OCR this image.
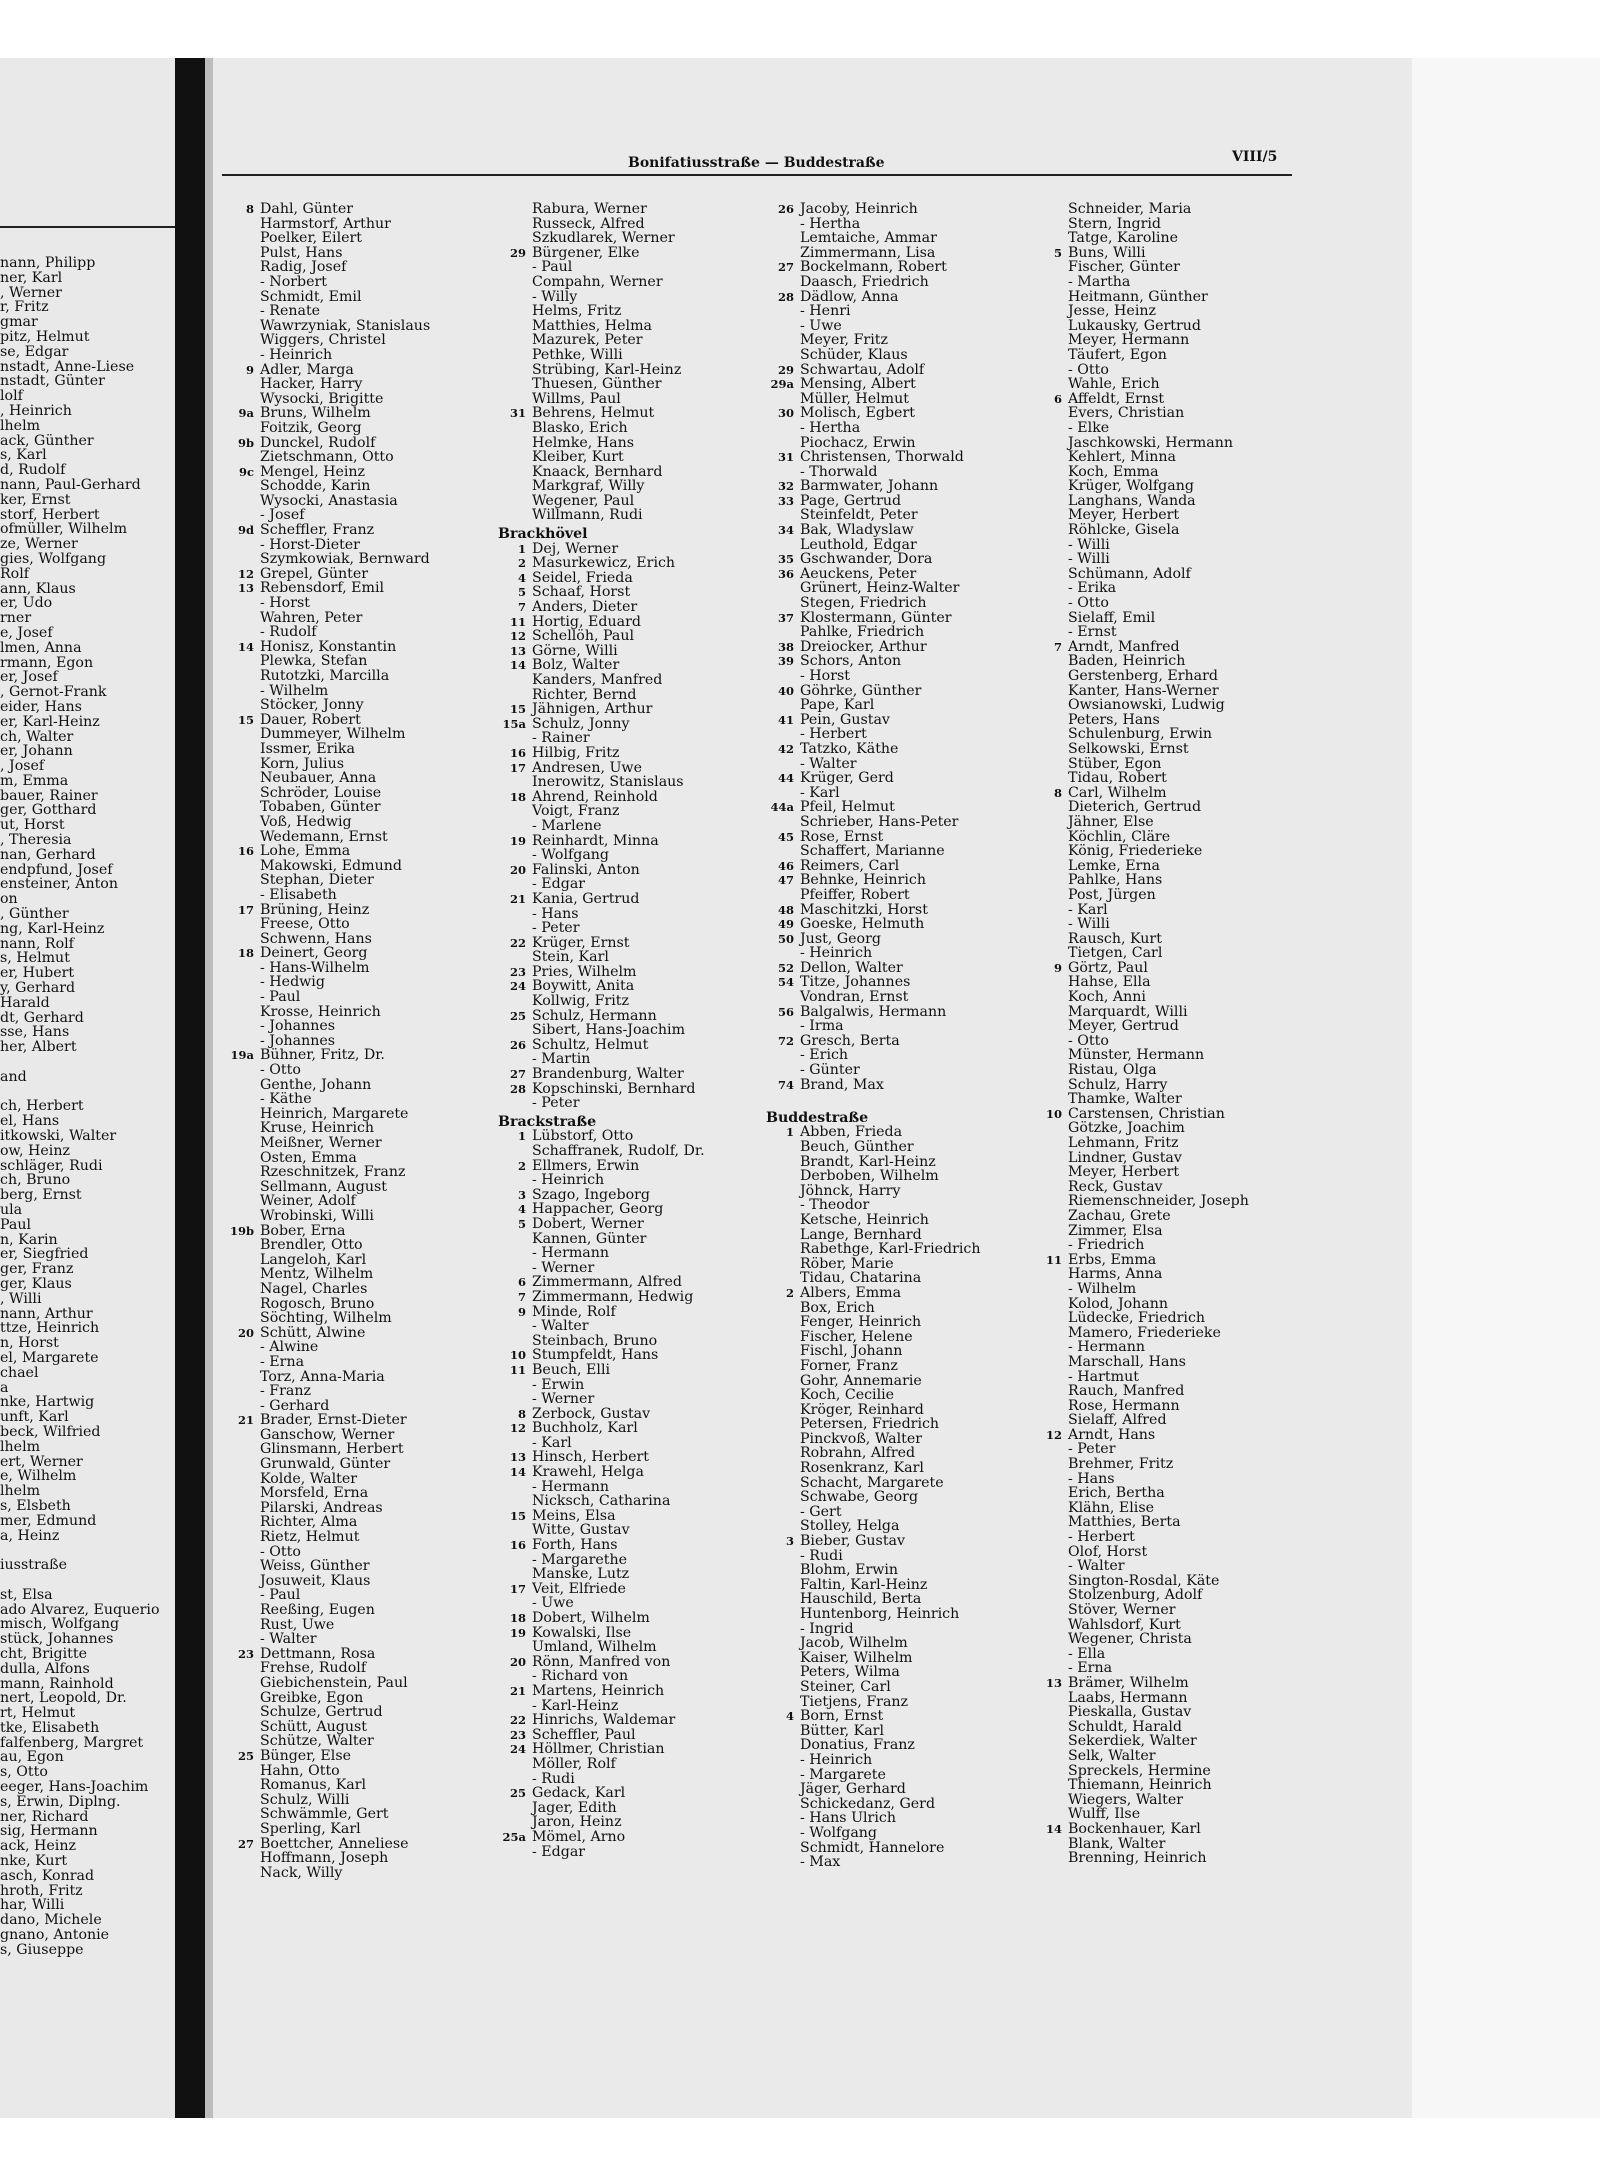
nann, Philipp
ner, Karl
, Werner
r, Fritz
gmar
pitz, Helmut
se, Edgar
nstadt, Anne-Liese
nstadt, Günter
lolf
, Heinrich
lhelm
ack, Günther
s, Karl
d, Rudolf
nann, Paul-Gerhard
ker, Ernst
storf, Herbert
ofmüller, Wilhelm
ze, Werner
gies, Wolfgang
Rolf
ann, Klaus
er, Udo
rner
e, Josef
lmen, Anna
rmann, Egon
er, Josef
, Gernot-Frank
eider, Hans
er, Karl-Heinz
ch, Walter
er, Johann
, Josef
m, Emma
bauer, Rainer
ger, Gotthard
ut, Horst
, Theresia
nan, Gerhard
endpfund, Josef
ensteiner, Anton
on
, Günther
ng, Karl-Heinz
nann, Rolf
s, Helmut
er, Hubert
y, Gerhard
Harald
dt, Gerhard
sse, Hans
her, Albert
and
ch, Herbert
el, Hans
itkowski, Walter
ow, Heinz
schläger, Rudi
ch, Bruno
berg, Ernst
ula
Paul
n, Karin
er, Siegfried
ger, Franz
ger, Klaus
, Willi
nann, Arthur
ttze, Heinrich
n, Horst
el, Margarete
chael
a
nke, Hartwig
unft, Karl
beck, Wilfried
lhelm
ert, Werner
e, Wilhelm
lhelm
s, Elsbeth
mer, Edmund
a, Heinz
iusstraße
st, Elsa
ado Alvarez, Euquerio
misch, Wolfgang
stück, Johannes
cht, Brigitte
dulla, Alfons
mann, Rainhold
nert, Leopold, Dr.
rt, Helmut
tke, Elisabeth
falfenberg, Margret
au, Egon
s, Otto
eeger, Hans-Joachim
s, Erwin, Diplng.
ner, Richard
sig, Hermann
ack, Heinz
nke, Kurt
asch, Konrad
hroth, Fritz
har, Willi
dano, Michele
gnano, Antonie
s, Giuseppe
Bonifatiusstraße — Buddestraße	VIII/5
8 Dahl, Günter
Harmstorf, Arthur
Poelker, Eilert
Pulst, Hans
Radig, Josef
- Norbert
Schmidt, Emil
- Renate
Wawrzyniak, Stanislaus
Wiggers, Christel
- Heinrich
9 Adler, Marga
Hacker, Harry
Wysocki, Brigitte
9a Bruns, Wilhelm
Foitzik, Georg
9b Dunckel, Rudolf
Zietschmann, Otto
9c Mengel, Heinz
Schodde, Karin
Wysocki, Anastasia
- Josef
9d Scheffler, Franz
- Horst-Dieter
Szymkowiak, Bernward
12 Grepel, Günter
13 Rebensdorf, Emil
- Horst
Wahren, Peter
- Rudolf
14 Honisz, Konstantin
Plewka, Stefan
Rutotzki, Marcilla
- Wilhelm
Stöcker, Jonny
15 Dauer, Robert
Dummeyer, Wilhelm
Issmer, Erika
Korn, Julius
Neubauer, Anna
Schröder, Louise
Tobaben, Günter
Voß, Hedwig
Wedemann, Ernst
16 Lohe, Emma
Makowski, Edmund
Stephan, Dieter
- Elisabeth
17 Brüning, Heinz
Freese, Otto
Schwenn, Hans
18 Deinert, Georg
- Hans-Wilhelm
- Hedwig
- Paul
Krosse, Heinrich
- Johannes
- Johannes
19a Bühner, Fritz, Dr.
- Otto
Genthe, Johann
- Käthe
Heinrich, Margarete
Kruse, Heinrich
Meißner, Werner
Osten, Emma
Rzeschnitzek, Franz
Sellmann, August
Weiner, Adolf
Wrobinski, Willi
19b Bober, Erna
Brendler, Otto
Langeloh, Karl
Mentz, Wilhelm
Nagel, Charles
Rogosch, Bruno
Söchting, Wilhelm
20 Schütt, Alwine
- Alwine
- Erna
Torz, Anna-Maria
- Franz
- Gerhard
21 Brader, Ernst-Dieter
Ganschow, Werner
Glinsmann, Herbert
Grunwald, Günter
Kolde, Walter
Morsfeld, Erna
Pilarski, Andreas
Richter, Alma
Rietz, Helmut
- Otto
Weiss, Günther
Josuweit, Klaus
- Paul
Reeßing, Eugen
Rust, Uwe
- Walter
23 Dettmann, Rosa
Frehse, Rudolf
Giebichenstein, Paul
Greibke, Egon
Schulze, Gertrud
Schütt, August
Schütze, Walter
25 Bünger, Else
Hahn, Otto
Romanus, Karl
Schulz, Willi
Schwämmle, Gert
Sperling, Karl
27 Boettcher, Anneliese
Hoffmann, Joseph
Nack, Willy
Rabura, Werner
Russeck, Alfred
Szkudlarek, Werner
29 Bürgener, Elke
- Paul
Compahn, Werner
- Willy
Helms, Fritz
Matthies, Helma
Mazurek, Peter
Pethke, Willi
Strübing, Karl-Heinz
Thuesen, Günther
Willms, Paul
31 Behrens, Helmut
Blasko, Erich
Helmke, Hans
Kleiber, Kurt
Knaack, Bernhard
Markgraf, Willy
Wegener, Paul
Willmann, Rudi
Brackhövel
1 Dej, Werner
2 Masurkewicz, Erich
4 Seidel, Frieda
5 Schaaf, Horst
7 Anders, Dieter
11 Hortig, Eduard
12 Schellöh, Paul
13 Görne, Willi
14 Bolz, Walter
Kanders, Manfred
Richter, Bernd
15 Jähnigen, Arthur
15a Schulz, Jonny
- Rainer
16 Hilbig, Fritz
17 Andresen, Uwe
Inerowitz, Stanislaus
18 Ahrend, Reinhold
Voigt, Franz
- Marlene
19 Reinhardt, Minna
- Wolfgang
20 Falinski, Anton
- Edgar
21 Kania, Gertrud
- Hans
- Peter
22 Krüger, Ernst
Stein, Karl
23 Pries, Wilhelm
24 Boywitt, Anita
Kollwig, Fritz
25 Schulz, Hermann
Sibert, Hans-Joachim
26 Schultz, Helmut
- Martin
27 Brandenburg, Walter
28 Kopschinski, Bernhard
- Peter
Brackstraße
1 Lübstorf, Otto
Schaffranek, Rudolf, Dr.
2 Ellmers, Erwin
- Heinrich
3 Szago, Ingeborg
4 Happacher, Georg
5 Dobert, Werner
Kannen, Günter
- Hermann
- Werner
6 Zimmermann, Alfred
7 Zimmermann, Hedwig
9 Minde, Rolf
- Walter
Steinbach, Bruno
10 Stumpfeldt, Hans
11 Beuch, Elli
- Erwin
- Werner
8 Zerbock, Gustav
12 Buchholz, Karl
- Karl
13 Hinsch, Herbert
14 Krawehl, Helga
- Hermann
Nicksch, Catharina
15 Meins, Elsa
Witte, Gustav
16 Forth, Hans
- Margarethe
Manske, Lutz
17 Veit, Elfriede
- Uwe
18 Dobert, Wilhelm
19 Kowalski, Ilse
Umland, Wilhelm
20 Rönn, Manfred von
- Richard von
21 Martens, Heinrich
- Karl-Heinz
22 Hinrichs, Waldemar
23 Scheffler, Paul
24 Höllmer, Christian
Möller, Rolf
- Rudi
25 Gedack, Karl
Jager, Edith
Jaron, Heinz
25a Mömel, Arno
- Edgar
26 Jacoby, Heinrich
- Hertha
Lemtaiche, Ammar
Zimmermann, Lisa
27 Bockelmann, Robert
Daasch, Friedrich
28 Dädlow, Anna
- Henri
- Uwe
Meyer, Fritz
Schüder, Klaus
29 Schwartau, Adolf
29a Mensing, Albert
Müller, Helmut
30 Molisch, Egbert
- Hertha
Piochacz, Erwin
31 Christensen, Thorwald
- Thorwald
32 Barmwater, Johann
33 Page, Gertrud
Steinfeldt, Peter
34 Bak, Wladyslaw
Leuthold, Edgar
35 Gschwander, Dora
36 Aeuckens, Peter
Grünert, Heinz-Walter
Stegen, Friedrich
37 Klostermann, Günter
Pahlke, Friedrich
38 Dreiocker, Arthur
39 Schors, Anton
- Horst
40 Göhrke, Günther
Pape, Karl
41 Pein, Gustav
- Herbert
42 Tatzko, Käthe
- Walter
44 Krüger, Gerd
- Karl
44a Pfeil, Helmut
Schrieber, Hans-Peter
45 Rose, Ernst
Schaffert, Marianne
46 Reimers, Carl
47 Behnke, Heinrich
Pfeiffer, Robert
48 Maschitzki, Horst
49 Goeske, Helmuth
50 Just, Georg
- Heinrich
52 Dellon, Walter
54 Titze, Johannes
Vondran, Ernst
56 Balgalwis, Hermann
- Irma
72 Gresch, Berta
- Erich
- Günter
74 Brand, Max
Buddestraße
1 Abben, Frieda
Beuch, Günther
Brandt, Karl-Heinz
Derboben, Wilhelm
Jöhnck, Harry
- Theodor
Ketsche, Heinrich
Lange, Bernhard
Rabethge, Karl-Friedrich
Röber, Marie
Tidau, Chatarina
2 Albers, Emma
Box, Erich
Fenger, Heinrich
Fischer, Helene
Fischl, Johann
Forner, Franz
Gohr, Annemarie
Koch, Cecilie
Kröger, Reinhard
Petersen, Friedrich
Pinckvoß, Walter
Robrahn, Alfred
Rosenkranz, Karl
Schacht, Margarete
Schwabe, Georg
- Gert
Stolley, Helga
3 Bieber, Gustav
- Rudi
Blohm, Erwin
Faltin, Karl-Heinz
Hauschild, Berta
Huntenborg, Heinrich
- Ingrid
Jacob, Wilhelm
Kaiser, Wilhelm
Peters, Wilma
Steiner, Carl
Tietjens, Franz
4 Born, Ernst
Bütter, Karl
Donatius, Franz
- Heinrich
- Margarete
Jäger, Gerhard
Schickedanz, Gerd
- Hans Ulrich
- Wolfgang
Schmidt, Hannelore
- Max
Schneider, Maria
Stern, Ingrid
Tatge, Karoline
5 Buns, Willi
Fischer, Günter
- Martha
Heitmann, Günther
Jesse, Heinz
Lukausky, Gertrud
Meyer, Hermann
Täufert, Egon
- Otto
Wahle, Erich
6 Affeldt, Ernst
Evers, Christian
- Elke
Jaschkowski, Hermann
Kehlert, Minna
Koch, Emma
Krüger, Wolfgang
Langhans, Wanda
Meyer, Herbert
Röhlcke, Gisela
- Willi
- Willi
Schümann, Adolf
- Erika
- Otto
Sielaff, Emil
- Ernst
7 Arndt, Manfred
Baden, Heinrich
Gerstenberg, Erhard
Kanter, Hans-Werner
Owsianowski, Ludwig
Peters, Hans
Schulenburg, Erwin
Selkowski, Ernst
Stüber, Egon
Tidau, Robert
8 Carl, Wilhelm
Dieterich, Gertrud
Jähner, Else
Köchlin, Cläre
König, Friederieke
Lemke, Erna
Pahlke, Hans
Post, Jürgen
- Karl
- Willi
Rausch, Kurt
Tietgen, Carl
9 Görtz, Paul
Hahse, Ella
Koch, Anni
Marquardt, Willi
Meyer, Gertrud
- Otto
Münster, Hermann
Ristau, Olga
Schulz, Harry
Thamke, Walter
10 Carstensen, Christian
Götzke, Joachim
Lehmann, Fritz
Lindner, Gustav
Meyer, Herbert
Reck, Gustav
Riemenschneider, Joseph
Zachau, Grete
Zimmer, Elsa
- Friedrich
11 Erbs, Emma
Harms, Anna
- Wilhelm
Kolod, Johann
Lüdecke, Friedrich
Mamero, Friederieke
- Hermann
Marschall, Hans
- Hartmut
Rauch, Manfred
Rose, Hermann
Sielaff, Alfred
12 Arndt, Hans
- Peter
Brehmer, Fritz
- Hans
Erich, Bertha
Klähn, Elise
Matthies, Berta
- Herbert
Olof, Horst
- Walter
Sington-Rosdal, Käte
Stolzenburg, Adolf
Stöver, Werner
Wahlsdorf, Kurt
Wegener, Christa
- Ella
- Erna
13 Brämer, Wilhelm
Laabs, Hermann
Pieskalla, Gustav
Schuldt, Harald
Sekerdiek, Walter
Selk, Walter
Spreckels, Hermine
Thiemann, Heinrich
Wiegers, Walter
Wulff, Ilse
14 Bockenhauer, Karl
Blank, Walter
Brenning, Heinrich
